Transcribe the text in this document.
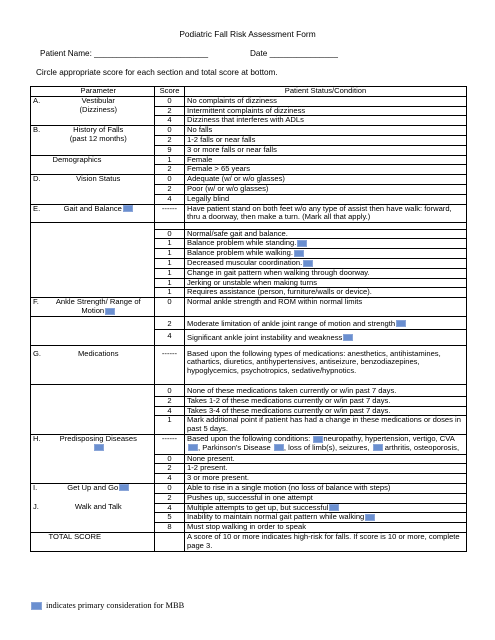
Podiatric Fall Risk Assessment Form
Patient Name: _________________________	Date _______________
Circle appropriate score for each section and total score at bottom.
	Parameter	Score	Patient Status/Condition
A.	Vestibular	0	No complaints of dizziness
	(Dizziness)	2	Intermittent complaints of dizziness
		4	Dizziness that interferes with ADLs
B.	History of Falls	0	No falls
	(past 12 months)	2	1-2 falls or near falls
		9	3 or more falls or near falls
	Demographics	1	Female
		2	Female > 65 years
D.	Vision Status	0	Adequate (w/ or w/o glasses)
		2	Poor (w/ or w/o glasses)
		4	Legally blind
E.	Gait and Balance	------	Have patient stand on both feet w/o any type of assist then have walk: forward, thru a doorway, then make a turn. (Mark all that apply.)

		0	Normal/safe gait and balance.
		1	Balance problem while standing.
		1	Balance problem while walking.
		1	Decreased muscular coordination.
		1	Change in gait pattern when walking through doorway.
		1	Jerking or unstable when making turns
		1	Requires assistance (person, furniture/walls or device).
F.	Ankle Strength/ Range of Motion	0	Normal ankle strength and ROM within normal limits
		2	Moderate limitation of ankle joint range of motion and strength
		4	Significant ankle joint instability and weakness
G.	Medications	------	Based upon the following types of medications: anesthetics, antihistamines, cathartics, diuretics, antihypertensives, antiseizure, benzodiazepines, hypoglycemics, psychotropics, sedative/hypnotics.
		0	None of these medications taken currently or w/in past 7 days.
		2	Takes 1-2 of these medications currently or w/in past 7 days.
		4	Takes 3-4 of these medications currently or w/in past 7 days.
		1	Mark additional point if patient has had a change in these medications or doses in past 5 days.
H.	Predisposing Diseases	------	Based upon the following conditions: neuropathy, hypertension, vertigo, CVA, Parkinson's Disease , loss of limb(s), seizures,  arthritis, osteoporosis,
		0	None present.
		2	1-2 present.
		4	3 or more present.
I.	Get Up and Go	0	Able to rise in a single motion (no loss of balance with steps)
		2	Pushes up, successful in one attempt
J.	Walk and Talk	4	Multiple attempts to get up, but successful
		5	Inability to maintain normal gait pattern while walking
		8	Must stop walking in order to speak
	TOTAL SCORE		A score of 10 or more indicates high-risk for falls. If score is 10 or more, complete page 3.
indicates primary consideration for MBB
